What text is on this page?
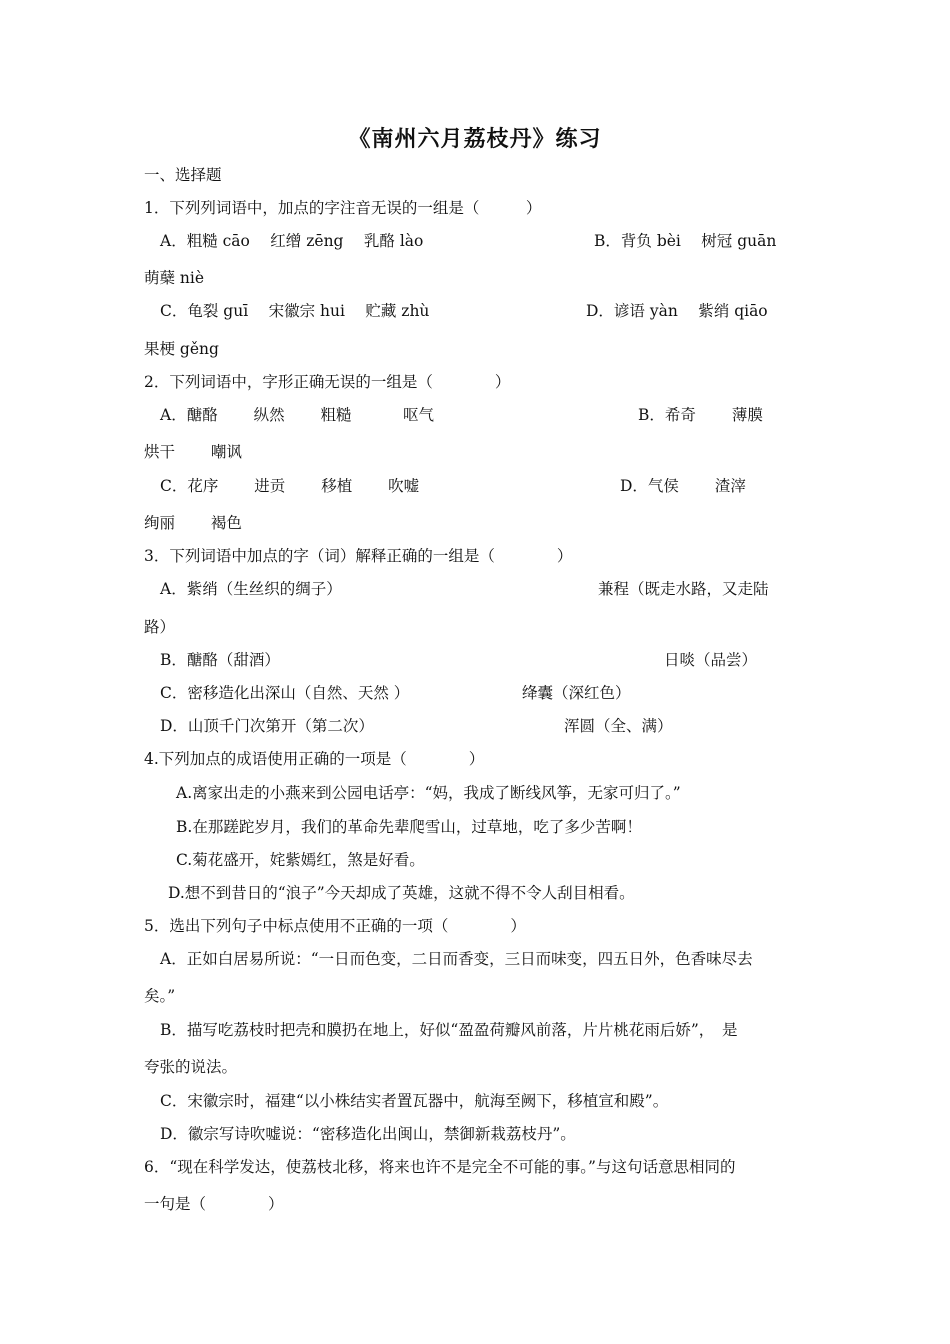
《南州六月荔枝丹》练习
一、选择题
1．下列列词语中，加点的字注音无误的一组是（　　　）
A．粗糙 cāo　 红缯 zēng　 乳酪 lào	B．背负 bèi　 树冠 guān
萌蘖 niè
C．龟裂 guī　 宋徽宗 hui　 贮藏 zhù	D．谚语 yàn　 紫绡 qiāo
果梗 gěng
2．下列词语中，字形正确无误的一组是（　　　　）
A．醣酪　　 纵然　　 粗糙　　　 呕气	B．希奇　　 薄膜
烘干　　 嘲讽
C．花序　　 进贡　　 移植　　 吹嘘	D．气侯　　 渣滓
绚丽　　 褐色
3．下列词语中加点的字（词）解释正确的一组是（　　　　）
A．紫绡（生丝织的绸子）	兼程（既走水路，又走陆
路）
B．醣酪（甜酒）	日啖（品尝）
C．密移造化出深山（自然、天然 ）	绛囊（深红色）
D．山顶千门次第开（第二次）	浑圆（全、满）
4.下列加点的成语使用正确的一项是（　　　　）
A.离家出走的小燕来到公园电话亭：“妈，我成了断线风筝，无家可归了。”
B.在那蹉跎岁月，我们的革命先辈爬雪山，过草地，吃了多少苦啊！
C.菊花盛开，姹紫嫣红，煞是好看。
D.想不到昔日的“浪子”今天却成了英雄，这就不得不令人刮目相看。
5．选出下列句子中标点使用不正确的一项（　　　　）
A．正如白居易所说：“一日而色变，二日而香变，三日而味变，四五日外，色香味尽去
矣。”
B．描写吃荔枝时把壳和膜扔在地上，好似“盈盈荷瓣风前落，片片桃花雨后娇”，　是
夸张的说法。
C．宋徽宗时，福建“以小株结实者置瓦器中，航海至阙下，移植宣和殿”。
D．徽宗写诗吹嘘说：“密移造化出闽山，禁御新栽荔枝丹”。
6．“现在科学发达，使荔枝北移，将来也许不是完全不可能的事。”与这句话意思相同的
一句是（　　　　）
